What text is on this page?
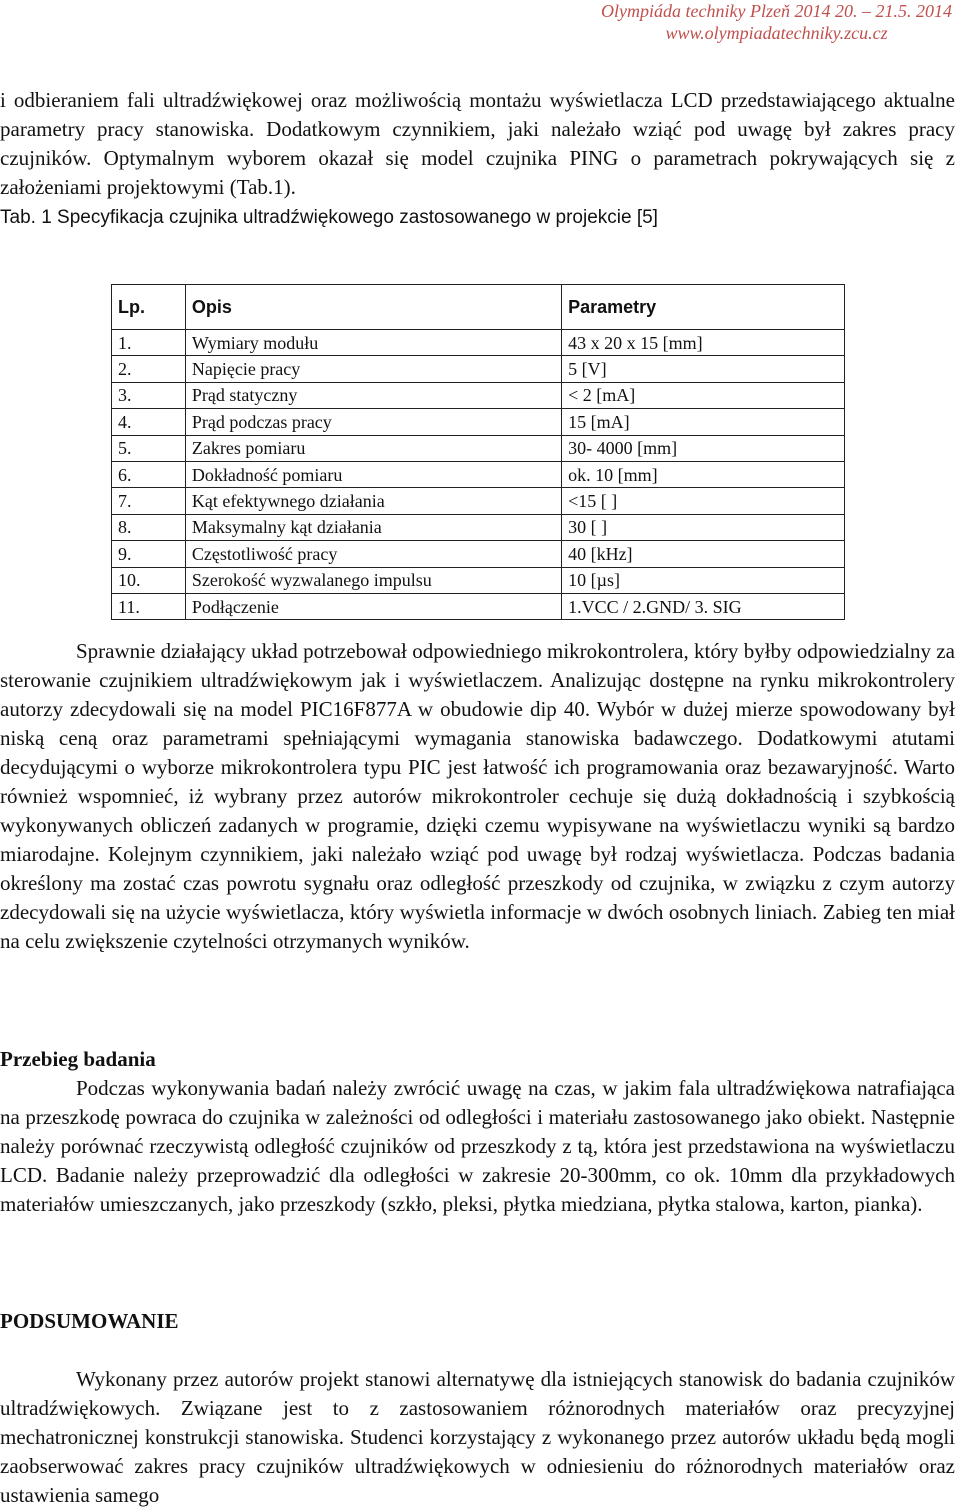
Olympiáda techniky Plzeň 2014 20. – 21.5. 2014
www.olympiadatechniky.zcu.cz

i odbieraniem fali ultradźwiękowej oraz możliwością montażu wyświetlacza LCD przedstawiającego aktualne parametry pracy stanowiska. Dodatkowym czynnikiem, jaki należało wziąć pod uwagę był zakres pracy czujników. Optymalnym wyborem okazał się model czujnika PING o parametrach pokrywających się z założeniami projektowymi (Tab.1).

Tab. 1 Specyfikacja czujnika ultradźwiękowego zastosowanego w projekcie [5]

Lp.	Opis	Parametry
1.	Wymiary modułu	43 x 20 x 15 [mm]
2.	Napięcie pracy	5 [V]
3.	Prąd statyczny	< 2 [mA]
4.	Prąd podczas pracy	15 [mA]
5.	Zakres pomiaru	30- 4000 [mm]
6.	Dokładność pomiaru	ok. 10 [mm]
7.	Kąt efektywnego działania	<15 [ ]
8.	Maksymalny kąt działania	30 [ ]
9.	Częstotliwość pracy	40 [kHz]
10.	Szerokość wyzwalanego impulsu	10 [µs]
11.	Podłączenie	1.VCC / 2.GND/ 3. SIG

Sprawnie działający układ potrzebował odpowiedniego mikrokontrolera, który byłby odpowiedzialny za sterowanie czujnikiem ultradźwiękowym jak i wyświetlaczem. Analizując dostępne na rynku mikrokontrolery autorzy zdecydowali się na model PIC16F877A w obudowie dip 40. Wybór w dużej mierze spowodowany był niską ceną oraz parametrami spełniającymi wymagania stanowiska badawczego. Dodatkowymi atutami decydującymi o wyborze mikrokontrolera typu PIC jest łatwość ich programowania oraz bezawaryjność. Warto również wspomnieć, iż wybrany przez autorów mikrokontroler cechuje się dużą dokładnością i szybkością wykonywanych obliczeń zadanych w programie, dzięki czemu wypisywane na wyświetlaczu wyniki są bardzo miarodajne. Kolejnym czynnikiem, jaki należało wziąć pod uwagę był rodzaj wyświetlacza. Podczas badania określony ma zostać czas powrotu sygnału oraz odległość przeszkody od czujnika, w związku z czym autorzy zdecydowali się na użycie wyświetlacza, który wyświetla informacje w dwóch osobnych liniach. Zabieg ten miał na celu zwiększenie czytelności otrzymanych wyników.

Przebieg badania

Podczas wykonywania badań należy zwrócić uwagę na czas, w jakim fala ultradźwiękowa natrafiająca na przeszkodę powraca do czujnika w zależności od odległości i materiału zastosowanego jako obiekt. Następnie należy porównać rzeczywistą odległość czujników od przeszkody z tą, która jest przedstawiona na wyświetlaczu LCD. Badanie należy przeprowadzić dla odległości w zakresie 20-300mm, co ok. 10mm dla przykładowych materiałów umieszczanych, jako przeszkody (szkło, pleksi, płytka miedziana, płytka stalowa, karton, pianka).

PODSUMOWANIE

Wykonany przez autorów projekt stanowi alternatywę dla istniejących stanowisk do badania czujników ultradźwiękowych. Związane jest to z zastosowaniem różnorodnych materiałów oraz precyzyjnej mechatronicznej konstrukcji stanowiska. Studenci korzystający z wykonanego przez autorów układu będą mogli zaobserwować zakres pracy czujników ultradźwiękowych w odniesieniu do różnorodnych materiałów oraz ustawienia samego
